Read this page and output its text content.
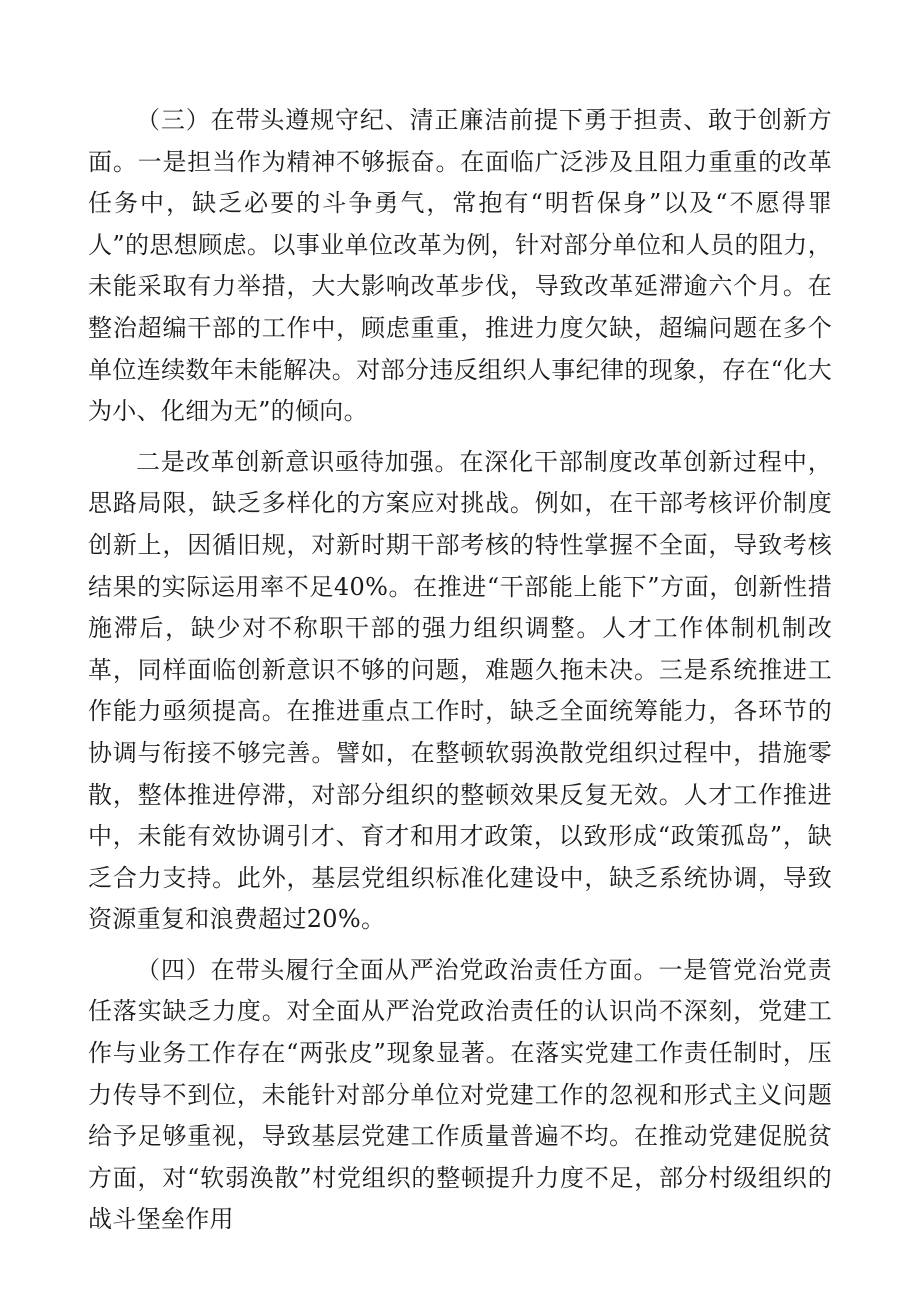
（三）在带头遵规守纪、清正廉洁前提下勇于担责、敢于创新方面。一是担当作为精神不够振奋。在面临广泛涉及且阻力重重的改革任务中，缺乏必要的斗争勇气，常抱有“明哲保身”以及“不愿得罪人”的思想顾虑。以事业单位改革为例，针对部分单位和人员的阻力，未能采取有力举措，大大影响改革步伐，导致改革延滞逾六个月。在整治超编干部的工作中，顾虑重重，推进力度欠缺，超编问题在多个单位连续数年未能解决。对部分违反组织人事纪律的现象，存在“化大为小、化细为无”的倾向。

二是改革创新意识亟待加强。在深化干部制度改革创新过程中，思路局限，缺乏多样化的方案应对挑战。例如，在干部考核评价制度创新上，因循旧规，对新时期干部考核的特性掌握不全面，导致考核结果的实际运用率不足40%。在推进“干部能上能下”方面，创新性措施滞后，缺少对不称职干部的强力组织调整。人才工作体制机制改革，同样面临创新意识不够的问题，难题久拖未决。三是系统推进工作能力亟须提高。在推进重点工作时，缺乏全面统筹能力，各环节的协调与衔接不够完善。譬如，在整顿软弱涣散党组织过程中，措施零散，整体推进停滞，对部分组织的整顿效果反复无效。人才工作推进中，未能有效协调引才、育才和用才政策，以致形成“政策孤岛”，缺乏合力支持。此外，基层党组织标准化建设中，缺乏系统协调，导致资源重复和浪费超过20%。

（四）在带头履行全面从严治党政治责任方面。一是管党治党责任落实缺乏力度。对全面从严治党政治责任的认识尚不深刻，党建工作与业务工作存在“两张皮”现象显著。在落实党建工作责任制时，压力传导不到位，未能针对部分单位对党建工作的忽视和形式主义问题给予足够重视，导致基层党建工作质量普遍不均。在推动党建促脱贫方面，对“软弱涣散”村党组织的整顿提升力度不足，部分村级组织的战斗堡垒作用
